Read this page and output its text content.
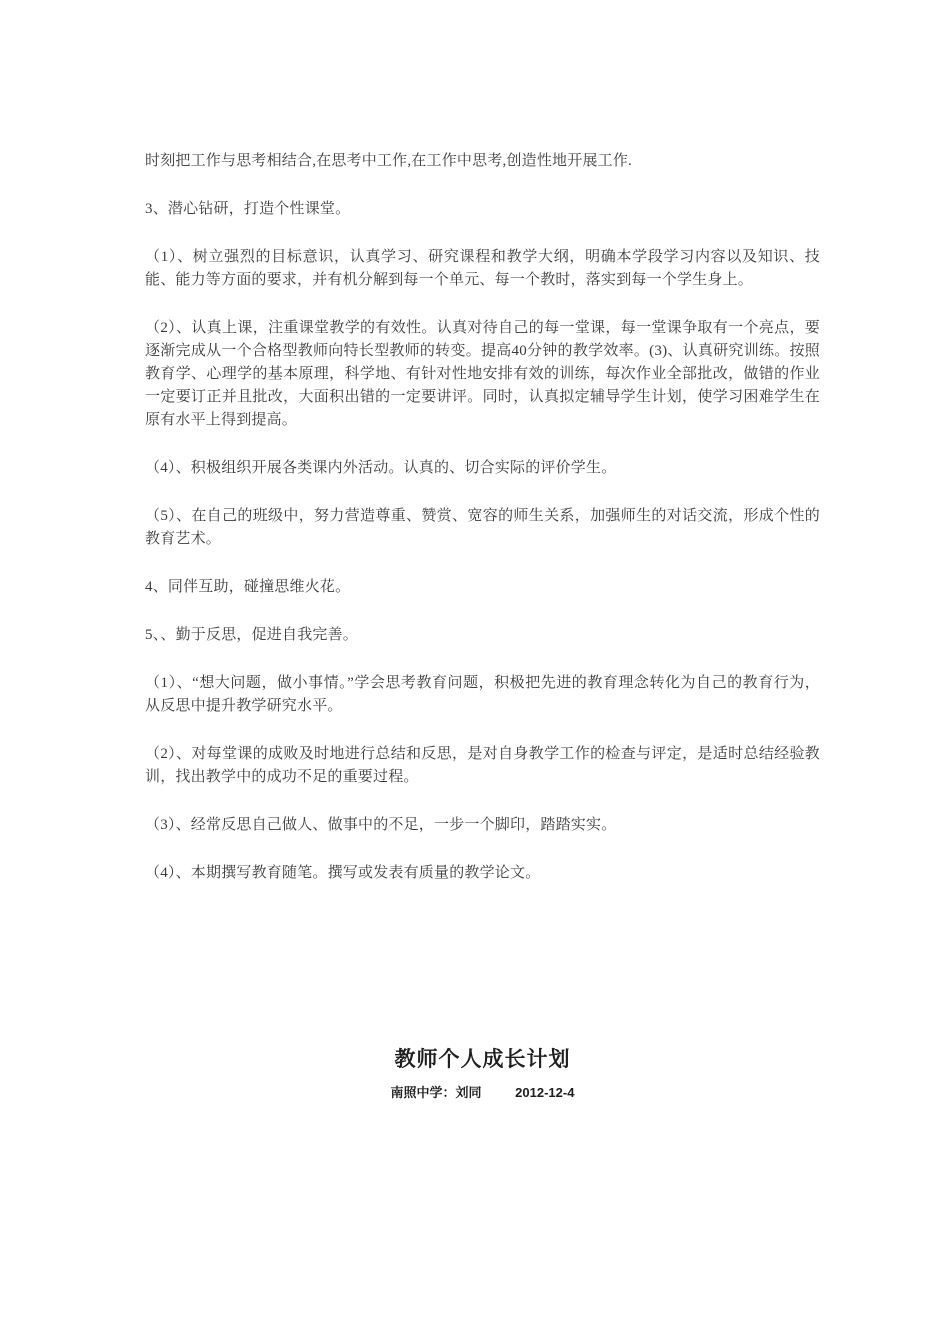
时刻把工作与思考相结合,在思考中工作,在工作中思考,创造性地开展工作.

3、潜心钻研，打造个性课堂。

（1）、树立强烈的目标意识，认真学习、研究课程和教学大纲，明确本学段学习内容以及知识、技能、能力等方面的要求，并有机分解到每一个单元、每一个教时，落实到每一个学生身上。

（2）、认真上课，注重课堂教学的有效性。认真对待自己的每一堂课，每一堂课争取有一个亮点，要逐渐完成从一个合格型教师向特长型教师的转变。提高40分钟的教学效率。(3)、认真研究训练。按照教育学、心理学的基本原理，科学地、有针对性地安排有效的训练，每次作业全部批改，做错的作业一定要订正并且批改，大面积出错的一定要讲评。同时，认真拟定辅导学生计划，使学习困难学生在原有水平上得到提高。

（4）、积极组织开展各类课内外活动。认真的、切合实际的评价学生。

（5）、在自己的班级中，努力营造尊重、赞赏、宽容的师生关系，加强师生的对话交流，形成个性的教育艺术。

4、同伴互助，碰撞思维火花。

5、、勤于反思，促进自我完善。

（1）、“想大问题，做小事情。”学会思考教育问题，积极把先进的教育理念转化为自己的教育行为，从反思中提升教学研究水平。

（2）、对每堂课的成败及时地进行总结和反思，是对自身教学工作的检查与评定，是适时总结经验教训，找出教学中的成功不足的重要过程。

（3）、经常反思自己做人、做事中的不足，一步一个脚印，踏踏实实。

（4）、本期撰写教育随笔。撰写或发表有质量的教学论文。

教师个人成长计划
南照中学：刘同	2012-12-4
